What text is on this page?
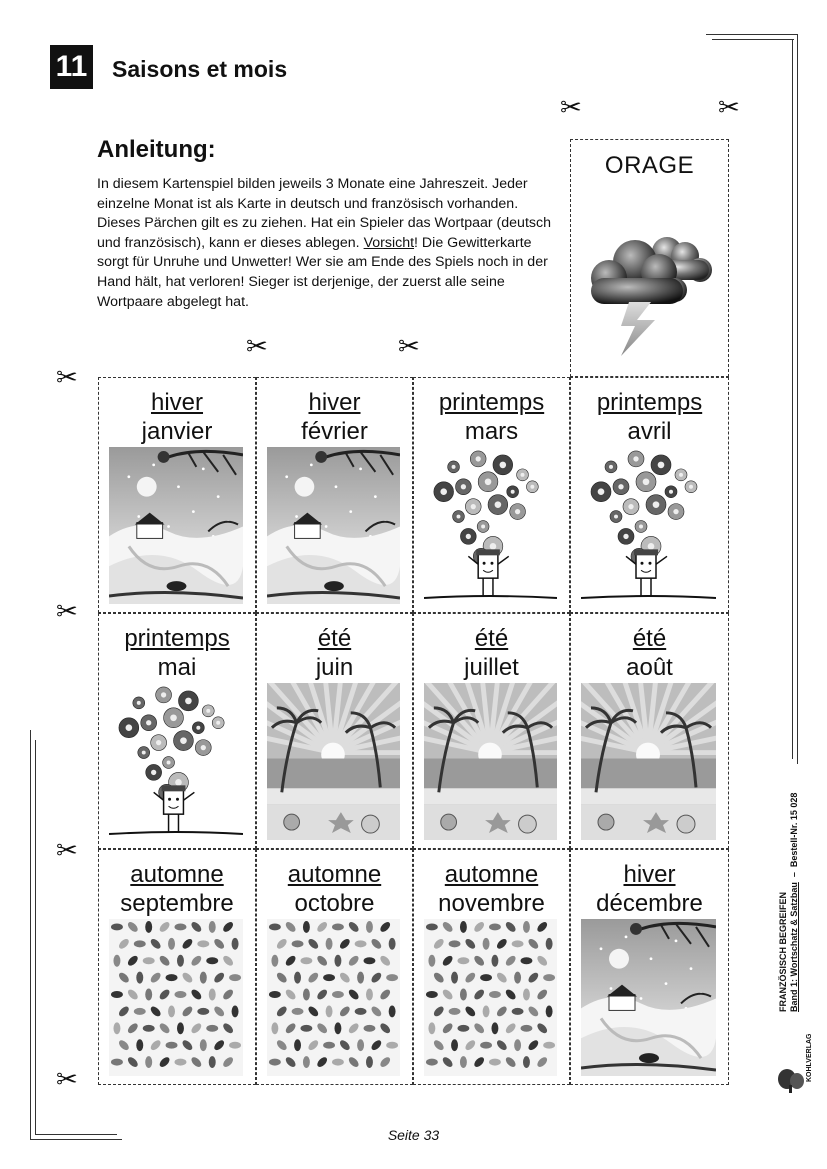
11 Saisons et mois
Anleitung:
In diesem Kartenspiel bilden jeweils 3 Monate eine Jahreszeit. Jeder einzelne Monat ist als Karte in deutsch und französisch vorhanden. Dieses Pärchen gilt es zu ziehen. Hat ein Spieler das Wortpaar (deutsch und französisch), kann er dieses ablegen. Vorsicht! Die Gewitterkarte sorgt für Unruhe und Unwetter! Wer sie am Ende des Spiels noch in der Hand hält, hat verloren! Sieger ist derjenige, der zuerst alle seine Wortpaare abgelegt hat.
✂	✂
✂	✂
✂
✂
✂
✂
ORAGE
hiver
janvier
hiver
février
printemps
mars
printemps
avril
printemps
mai
été
juin
été
juillet
été
août
automne
septembre
automne
octobre
automne
novembre
hiver
décembre	FRANZÖSISCH BEGREIFEN Band 1: Wortschatz & Satzbau  –  Bestell-Nr. 15 028
KOHLVERLAG
Seite 33
